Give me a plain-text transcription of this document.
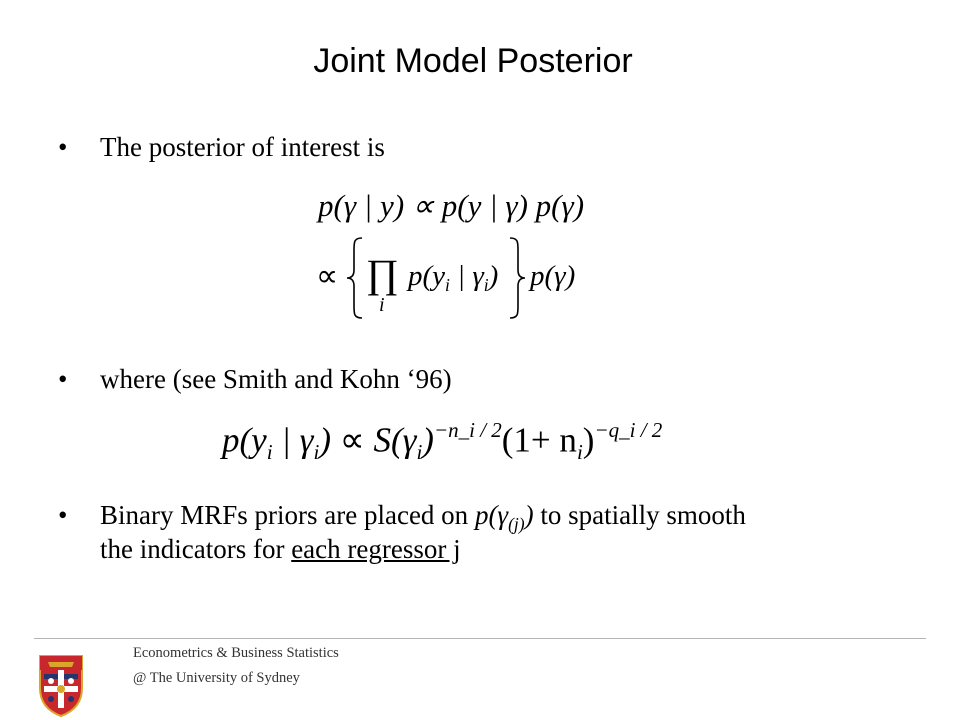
Joint Model Posterior
• The posterior of interest is
p(γ | y) ∝ p(y | γ) p(γ)
∝ ∏
i
$p(y_i$ | $\gamma_i$) p(γ)
• where (see Smith and Kohn ‘96)
$p(y_i$ | $\gamma_i) \propto S(\gamma_i)^{-n\_i / 2}(1+ n_i)^{-q\_i / 2}$
• Binary MRFs priors are placed on $p(\gamma_{(j)})$ to spatially smooth
the indicators for each regressor j
Econometrics & Business Statistics
@ The University of Sydney
